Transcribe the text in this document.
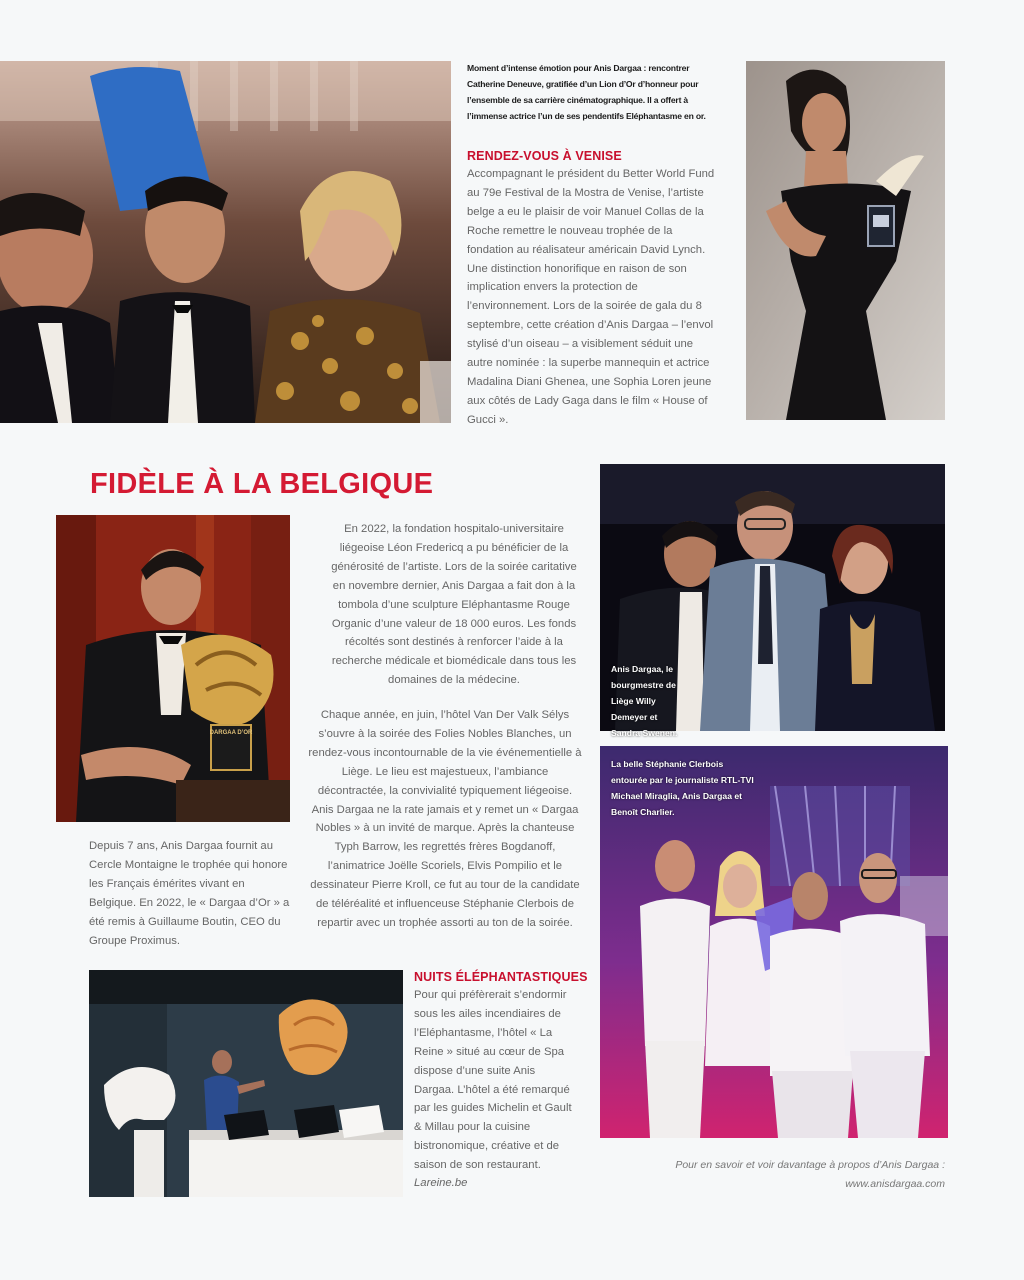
Moment d’intense émotion pour Anis Dargaa : rencontrer Catherine Deneuve, gratifiée d’un Lion d’Or d’honneur pour l’ensemble de sa carrière cinématographique. Il a offert à l’immense actrice l’un de ses pendentifs Eléphantasme en or.
RENDEZ-VOUS À VENISE
Accompagnant le président du Better World Fund au 79e Festival de la Mostra de Venise, l’artiste belge a eu le plaisir de voir Manuel Collas de la Roche remettre le nouveau trophée de la fondation au réalisateur américain David Lynch. Une distinction honorifique en raison de son implication envers la protection de l’environnement. Lors de la soirée de gala du 8 septembre, cette création d’Anis Dargaa – l’envol stylisé d’un oiseau – a visiblement séduit une autre nominée : la superbe mannequin et actrice Madalina Diani Ghenea, une Sophia Loren jeune aux côtés de Lady Gaga dans le film « House of Gucci ».
FIDÈLE À LA BELGIQUE
DARGAA D’OR
Depuis 7 ans, Anis Dargaa fournit au Cercle Montaigne le trophée qui honore les Français émérites vivant en Belgique. En 2022, le « Dargaa d’Or » a été remis à Guillaume Boutin, CEO du Groupe Proximus.
En 2022, la fondation hospitalo-universitaire liégeoise Léon Fredericq a pu bénéficier de la générosité de l’artiste. Lors de la soirée caritative en novembre dernier, Anis Dargaa a fait don à la tombola d’une sculpture Eléphantasme Rouge Organic d’une valeur de 18 000 euros. Les fonds récoltés sont destinés à renforcer l’aide à la recherche médicale et biomédicale dans tous les domaines de la médecine.
Chaque année, en juin, l’hôtel Van Der Valk Sélys s’ouvre à la soirée des Folies Nobles Blanches, un rendez-vous incontournable de la vie événementielle à Liège. Le lieu est majestueux, l’ambiance décontractée, la convivialité typiquement liégeoise. Anis Dargaa ne la rate jamais et y remet un « Dargaa Nobles » à un invité de marque. Après la chanteuse Typh Barrow, les regrettés frères Bogdanoff, l’animatrice Joëlle Scoriels, Elvis Pompilio et le dessinateur Pierre Kroll, ce fut au tour de la candidate de téléréalité et influenceuse Stéphanie Clerbois de repartir avec un trophée assorti au ton de la soirée.
Anis Dargaa, le bourgmestre de Liège Willy Demeyer et Sandra Swenen.
La belle Stéphanie Clerbois entourée par le journaliste RTL-TVI Michael Miraglia, Anis Dargaa et Benoît Charlier.
NUITS ÉLÉPHANTASTIQUES
Pour qui préfèrerait s’endormir sous les ailes incendiaires de l’Eléphantasme, l’hôtel « La Reine » situé au cœur de Spa dispose d’une suite Anis Dargaa. L’hôtel a été remarqué par les guides Michelin et Gault & Millau pour la cuisine bistronomique, créative et de saison de son restaurant.
Lareine.be
Pour en savoir et voir davantage à propos d’Anis Dargaa :
www.anisdargaa.com
